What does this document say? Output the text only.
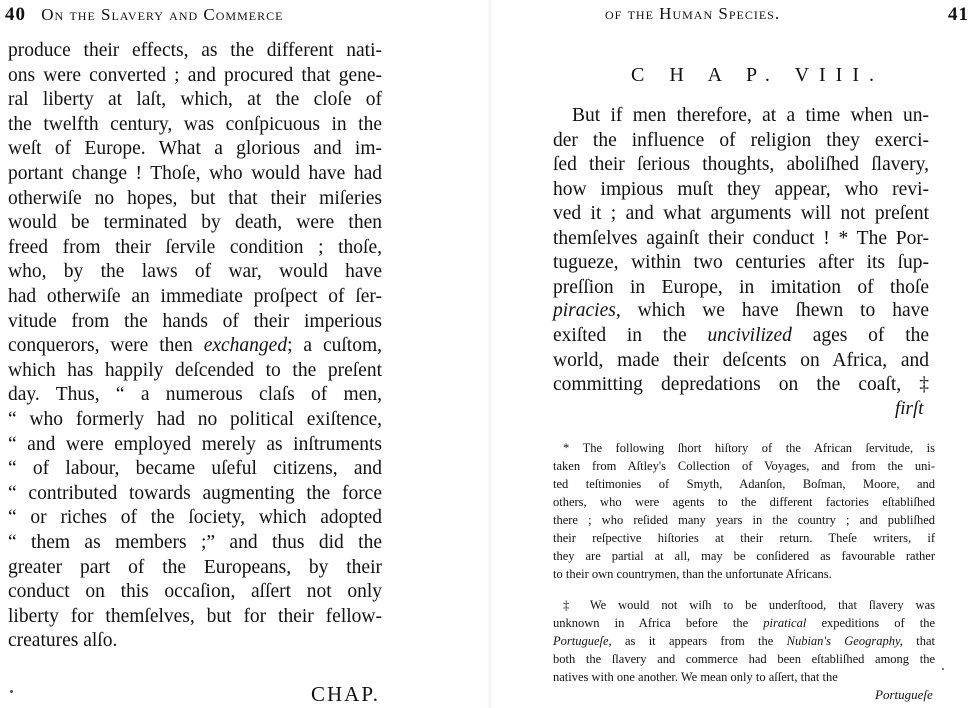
40 On the Slavery and Commerce
produce their effects, as the different nati-
ons were converted ; and procured that gene-
ral liberty at laſt, which, at the cloſe of
the twelfth century, was conſpicuous in the
weſt of Europe. What a glorious and im-
portant change ! Thoſe, who would have had
otherwiſe no hopes, but that their miſeries
would be terminated by death, were then
freed from their ſervile condition ; thoſe,
who, by the laws of war, would have
had otherwiſe an immediate proſpect of ſer-
vitude from the hands of their imperious
conquerors, were then exchanged; a cuſtom,
which has happily deſcended to the preſent
day. Thus, “ a numerous claſs of men,
“ who formerly had no political exiſtence,
“ and were employed merely as inſtruments
“ of labour, became uſeful citizens, and
“ contributed towards augmenting the force
“ or riches of the ſociety, which adopted
“ them as members ;” and thus did the
greater part of the Europeans, by their
conduct on this occaſion, aſſert not only
liberty for themſelves, but for their fellow-
creatures alſo.
CHAP.
of the Human Species.	41
C H A P. VIII.
But if men therefore, at a time when un-
der the influence of religion they exerci-
ſed their ſerious thoughts, aboliſhed ſlavery,
how impious muſt they appear, who revi-
ved it ; and what arguments will not preſent
themſelves againſt their conduct ! * The Por-
tugueze, within two centuries after its ſup-
preſſion in Europe, in imitation of thoſe
piracies, which we have ſhewn to have
exiſted in the uncivilized ages of the
world, made their deſcents on Africa, and
committing depredations on the coaſt, ‡
firſt
* The following ſhort hiſtory of the African ſervitude, is
taken from Aſtley's Collection of Voyages, and from the uni-
ted teſtimonies of Smyth, Adanſon, Boſman, Moore, and
others, who were agents to the different factories eſtabliſhed
there ; who reſided many years in the country ; and publiſhed
their reſpective hiſtories at their return. Theſe writers, if
they are partial at all, may be conſidered as favourable rather
to their own countrymen, than the unfortunate Africans.
‡ We would not wiſh to be underſtood, that ſlavery was
unknown in Africa before the piratical expeditions of the
Portugueſe, as it appears from the Nubian's Geography, that
both the ſlavery and commerce had been eſtabliſhed among the
natives with one another. We mean only to aſſert, that the
Portugueſe
